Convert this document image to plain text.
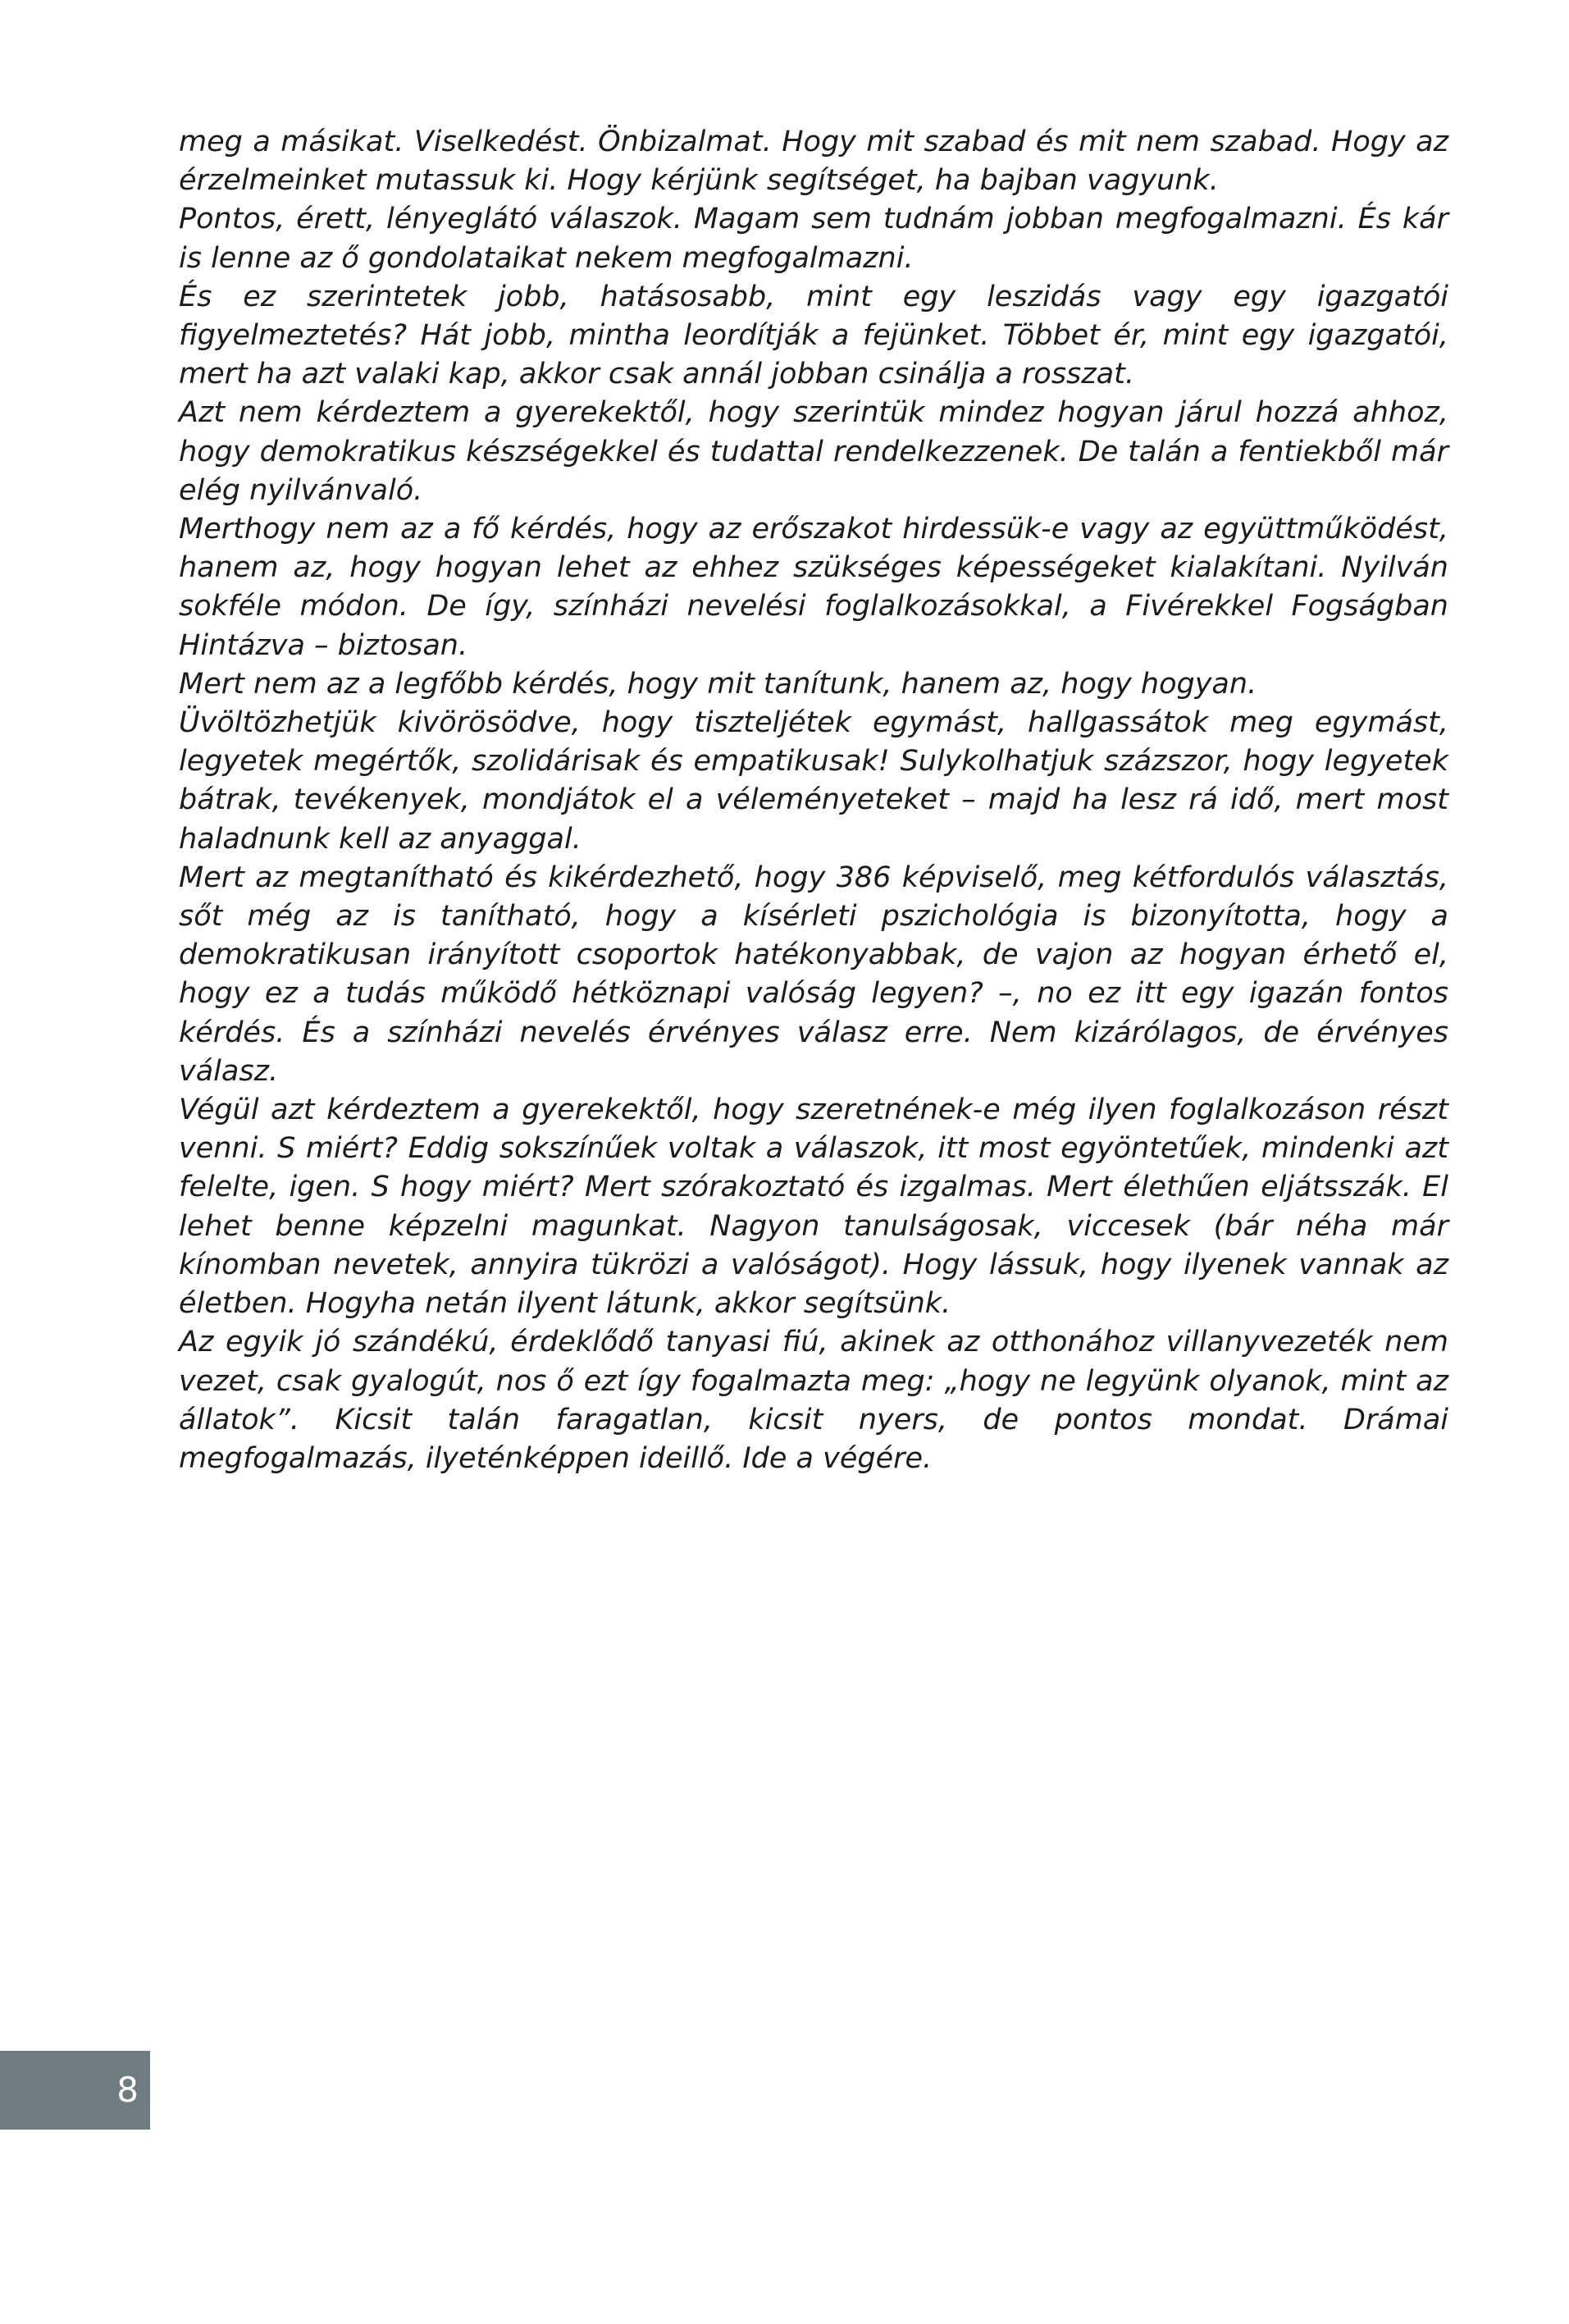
meg a másikat. Viselkedést. Önbizalmat. Hogy mit szabad és mit nem szabad. Hogy az érzelmeinket mutassuk ki. Hogy kérjünk segítséget, ha bajban vagyunk.

Pontos, érett, lényeglátó válaszok. Magam sem tudnám jobban megfogalmazni. És kár is lenne az ő gondolataikat nekem megfogalmazni.

És ez szerintetek jobb, hatásosabb, mint egy leszidás vagy egy igazgatói figyelmeztetés? Hát jobb, mintha leordítják a fejünket. Többet ér, mint egy igazgatói, mert ha azt valaki kap, akkor csak annál jobban csinálja a rosszat.

Azt nem kérdeztem a gyerekektől, hogy szerintük mindez hogyan járul hozzá ahhoz, hogy demokratikus készségekkel és tudattal rendelkezzenek. De talán a fentiekből már elég nyilvánvaló.

Merthogy nem az a fő kérdés, hogy az erőszakot hirdessük-e vagy az együttműködést, hanem az, hogy hogyan lehet az ehhez szükséges képességeket kialakítani. Nyilván sokféle módon. De így, színházi nevelési foglalkozásokkal, a Fivérekkel Fogságban Hintázva – biztosan.

Mert nem az a legfőbb kérdés, hogy mit tanítunk, hanem az, hogy hogyan.

Üvöltözhetjük kivörösödve, hogy tiszteljétek egymást, hallgassátok meg egymást, legyetek megértők, szolidárisak és empatikusak! Sulykolhatjuk százszor, hogy legyetek bátrak, tevékenyek, mondjátok el a véleményeteket – majd ha lesz rá idő, mert most haladnunk kell az anyaggal.

Mert az megtanítható és kikérdezhető, hogy 386 képviselő, meg kétfordulós választás, sőt még az is tanítható, hogy a kísérleti pszichológia is bizonyította, hogy a demokratikusan irányított csoportok hatékonyabbak, de vajon az hogyan érhető el, hogy ez a tudás működő hétköznapi valóság legyen? –, no ez itt egy igazán fontos kérdés. És a színházi nevelés érvényes válasz erre. Nem kizárólagos, de érvényes válasz.

Végül azt kérdeztem a gyerekektől, hogy szeretnének-e még ilyen foglalkozáson részt venni. S miért? Eddig sokszínűek voltak a válaszok, itt most egyöntetűek, mindenki azt felelte, igen. S hogy miért? Mert szórakoztató és izgalmas. Mert élethűen eljátsszák. El lehet benne képzelni magunkat. Nagyon tanulságosak, viccesek (bár néha már kínomban nevetek, annyira tükrözi a valóságot). Hogy lássuk, hogy ilyenek vannak az életben. Hogyha netán ilyent látunk, akkor segítsünk.

Az egyik jó szándékú, érdeklődő tanyasi fiú, akinek az otthonához villanyvezeték nem vezet, csak gyalogút, nos ő ezt így fogalmazta meg: „hogy ne legyünk olyanok, mint az állatok”. Kicsit talán faragatlan, kicsit nyers, de pontos mondat. Drámai megfogalmazás, ilyeténképpen ideillő. Ide a végére.

8
